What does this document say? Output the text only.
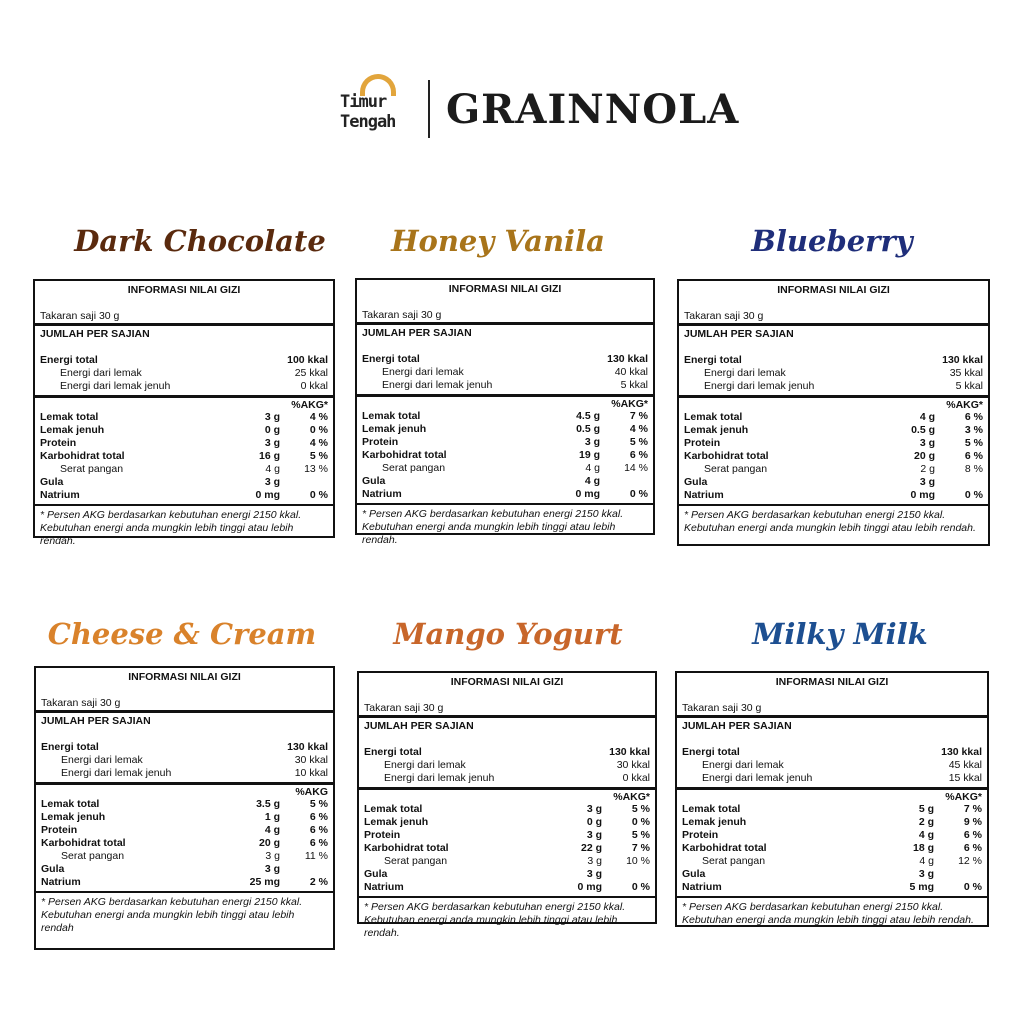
Timur
Tengah GRAINNOLA
Dark Chocolate
INFORMASI NILAI GIZI
Takaran saji 30 g
JUMLAH PER SAJIAN
Energi total	100 kkal
Energi dari lemak	25 kkal
Energi dari lemak jenuh	0 kkal
%AKG*
Lemak total	3 g	4 %
Lemak jenuh	0 g	0 %
Protein	3 g	4 %
Karbohidrat total	16 g	5 %
Serat pangan	4 g	13 %
Gula	3 g
Natrium	0 mg	0 %
* Persen AKG berdasarkan kebutuhan energi 2150 kkal.
Kebutuhan energi anda mungkin lebih tinggi atau lebih rendah.
Honey Vanila
INFORMASI NILAI GIZI
Takaran saji 30 g
JUMLAH PER SAJIAN
Energi total	130 kkal
Energi dari lemak	40 kkal
Energi dari lemak jenuh	5 kkal
%AKG*
Lemak total	4.5 g	7 %
Lemak jenuh	0.5 g	4 %
Protein	3 g	5 %
Karbohidrat total	19 g	6 %
Serat pangan	4 g	14 %
Gula	4 g
Natrium	0 mg	0 %
* Persen AKG berdasarkan kebutuhan energi 2150 kkal.
Kebutuhan energi anda mungkin lebih tinggi atau lebih rendah.
Blueberry
INFORMASI NILAI GIZI
Takaran saji 30 g
JUMLAH PER SAJIAN
Energi total	130 kkal
Energi dari lemak	35 kkal
Energi dari lemak jenuh	5 kkal
%AKG*
Lemak total	4 g	6 %
Lemak jenuh	0.5 g	3 %
Protein	3 g	5 %
Karbohidrat total	20 g	6 %
Serat pangan	2 g	8 %
Gula	3 g
Natrium	0 mg	0 %
* Persen AKG berdasarkan kebutuhan energi 2150 kkal.
Kebutuhan energi anda mungkin lebih tinggi atau lebih rendah.
Cheese & Cream
INFORMASI NILAI GIZI
Takaran saji 30 g
JUMLAH PER SAJIAN
Energi total	130 kkal
Energi dari lemak	30 kkal
Energi dari lemak jenuh	10 kkal
%AKG
Lemak total	3.5 g	5 %
Lemak jenuh	1 g	6 %
Protein	4 g	6 %
Karbohidrat total	20 g	6 %
Serat pangan	3 g	11 %
Gula	3 g
Natrium	25 mg	2 %
* Persen AKG berdasarkan kebutuhan energi 2150 kkal.
Kebutuhan energi anda mungkin lebih tinggi atau lebih rendah
Mango Yogurt
INFORMASI NILAI GIZI
Takaran saji 30 g
JUMLAH PER SAJIAN
Energi total	130 kkal
Energi dari lemak	30 kkal
Energi dari lemak jenuh	0 kkal
%AKG*
Lemak total	3 g	5 %
Lemak jenuh	0 g	0 %
Protein	3 g	5 %
Karbohidrat total	22 g	7 %
Serat pangan	3 g	10 %
Gula	3 g
Natrium	0 mg	0 %
* Persen AKG berdasarkan kebutuhan energi 2150 kkal.
Kebutuhan energi anda mungkin lebih tinggi atau lebih rendah.
Milky Milk
INFORMASI NILAI GIZI
Takaran saji 30 g
JUMLAH PER SAJIAN
Energi total	130 kkal
Energi dari lemak	45 kkal
Energi dari lemak jenuh	15 kkal
%AKG*
Lemak total	5 g	7 %
Lemak jenuh	2 g	9 %
Protein	4 g	6 %
Karbohidrat total	18 g	6 %
Serat pangan	4 g	12 %
Gula	3 g
Natrium	5 mg	0 %
* Persen AKG berdasarkan kebutuhan energi 2150 kkal.
Kebutuhan energi anda mungkin lebih tinggi atau lebih rendah.
